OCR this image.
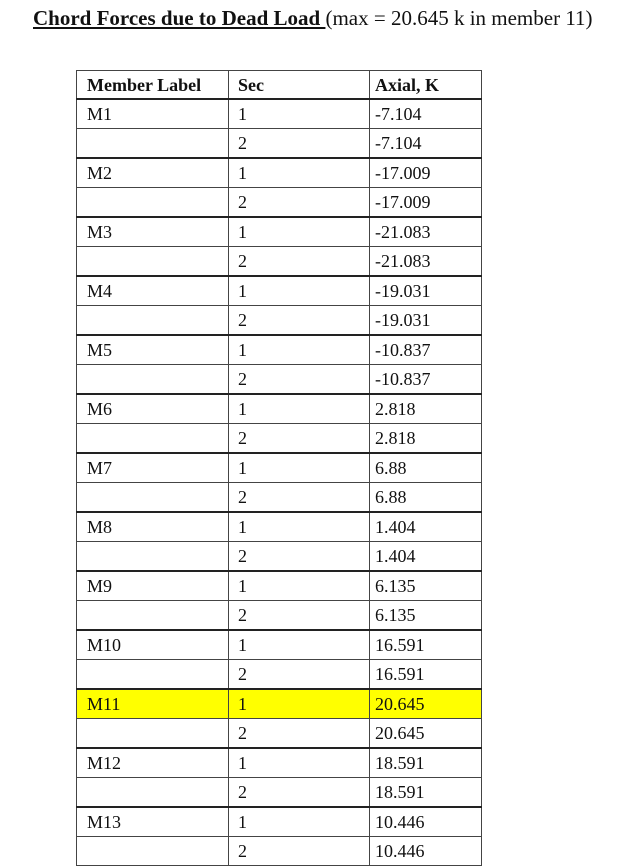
Chord Forces due to Dead Load (max = 20.645 k in member 11)
Member Label	Sec	Axial, K
M1	1	-7.104
	2	-7.104
M2	1	-17.009
	2	-17.009
M3	1	-21.083
	2	-21.083
M4	1	-19.031
	2	-19.031
M5	1	-10.837
	2	-10.837
M6	1	2.818
	2	2.818
M7	1	6.88
	2	6.88
M8	1	1.404
	2	1.404
M9	1	6.135
	2	6.135
M10	1	16.591
	2	16.591
M11	1	20.645
	2	20.645
M12	1	18.591
	2	18.591
M13	1	10.446
	2	10.446
